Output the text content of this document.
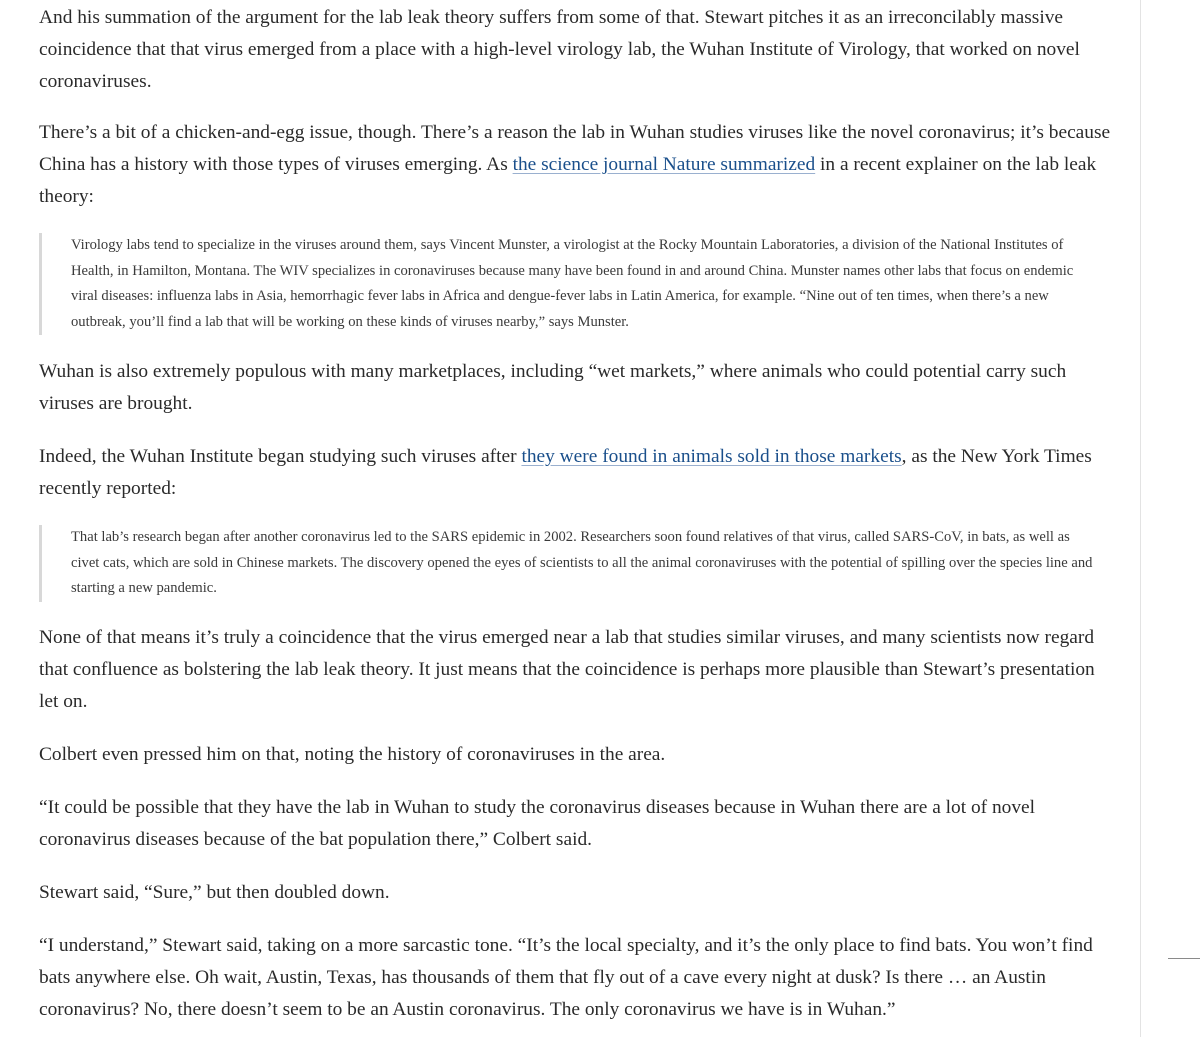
And his summation of the argument for the lab leak theory suffers from some of that. Stewart pitches it as an irreconcilably massive coincidence that that virus emerged from a place with a high-level virology lab, the Wuhan Institute of Virology, that worked on novel coronaviruses.

There’s a bit of a chicken-and-egg issue, though. There’s a reason the lab in Wuhan studies viruses like the novel coronavirus; it’s because China has a history with those types of viruses emerging. As the science journal Nature summarized in a recent explainer on the lab leak theory:

Virology labs tend to specialize in the viruses around them, says Vincent Munster, a virologist at the Rocky Mountain Laboratories, a division of the National Institutes of Health, in Hamilton, Montana. The WIV specializes in coronaviruses because many have been found in and around China. Munster names other labs that focus on endemic viral diseases: influenza labs in Asia, hemorrhagic fever labs in Africa and dengue-fever labs in Latin America, for example. “Nine out of ten times, when there’s a new outbreak, you’ll find a lab that will be working on these kinds of viruses nearby,” says Munster.

Wuhan is also extremely populous with many marketplaces, including “wet markets,” where animals who could potential carry such viruses are brought.

Indeed, the Wuhan Institute began studying such viruses after they were found in animals sold in those markets, as the New York Times recently reported:

That lab’s research began after another coronavirus led to the SARS epidemic in 2002. Researchers soon found relatives of that virus, called SARS-CoV, in bats, as well as civet cats, which are sold in Chinese markets. The discovery opened the eyes of scientists to all the animal coronaviruses with the potential of spilling over the species line and starting a new pandemic.

None of that means it’s truly a coincidence that the virus emerged near a lab that studies similar viruses, and many scientists now regard that confluence as bolstering the lab leak theory. It just means that the coincidence is perhaps more plausible than Stewart’s presentation let on.

Colbert even pressed him on that, noting the history of coronaviruses in the area.

“It could be possible that they have the lab in Wuhan to study the coronavirus diseases because in Wuhan there are a lot of novel coronavirus diseases because of the bat population there,” Colbert said.

Stewart said, “Sure,” but then doubled down.

“I understand,” Stewart said, taking on a more sarcastic tone. “It’s the local specialty, and it’s the only place to find bats. You won’t find bats anywhere else. Oh wait, Austin, Texas, has thousands of them that fly out of a cave every night at dusk? Is there … an Austin coronavirus? No, there doesn’t seem to be an Austin coronavirus. The only coronavirus we have is in Wuhan.”
